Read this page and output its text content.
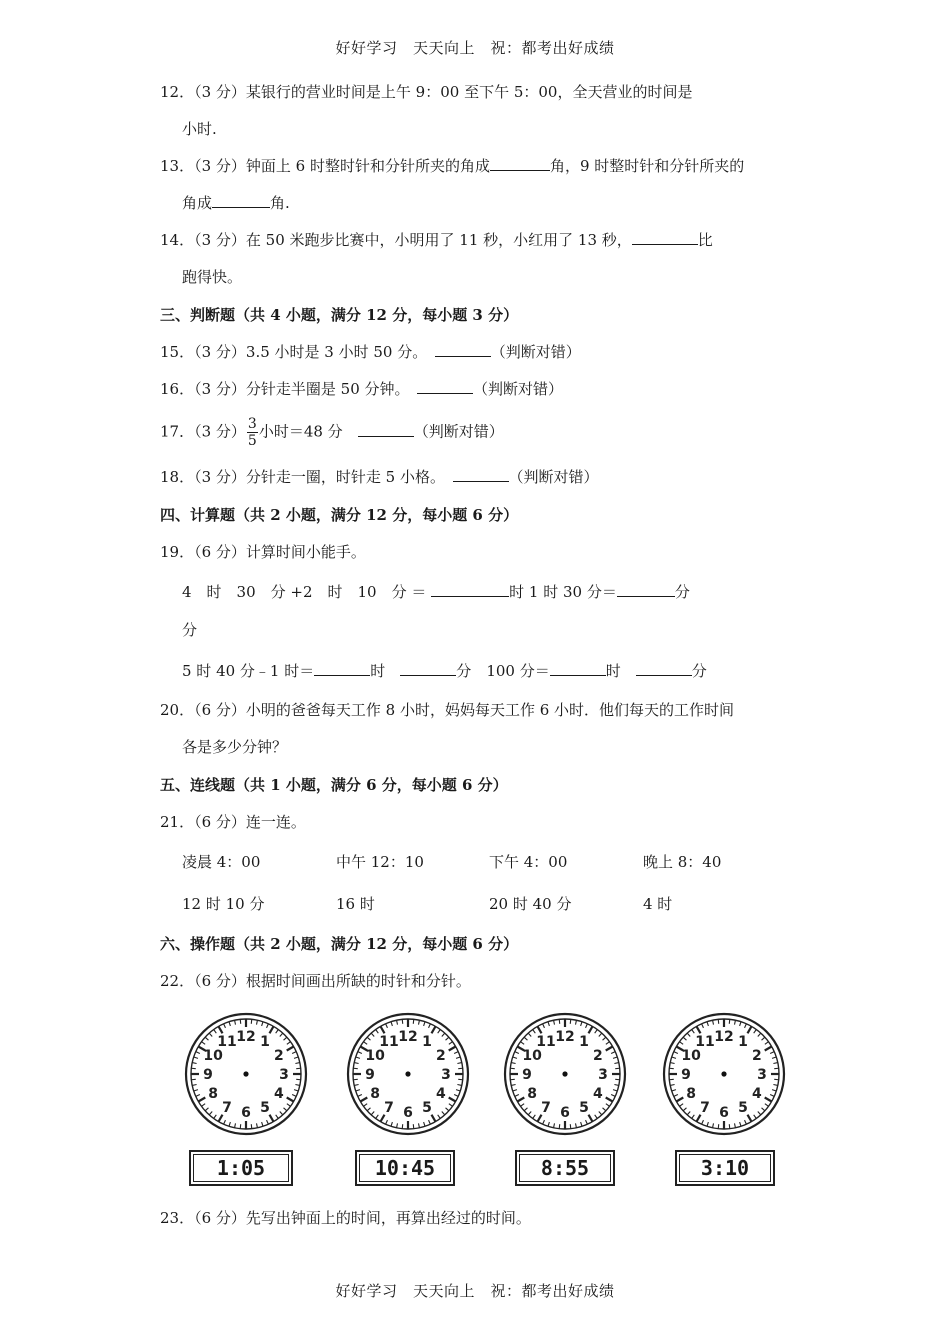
好好学习　天天向上　祝：都考出好成绩
12．（3 分）某银行的营业时间是上午 9：00 至下午 5：00，全天营业的时间是
小时.
13．（3 分）钟面上 6 时整时针和分针所夹的角成	角，9 时整时针和分针所夹的
角成	角.
14．（3 分）在 50 米跑步比赛中，小明用了 11 秒，小红用了 13 秒，	比
跑得快。
三、判断题（共 4 小题，满分 12 分，每小题 3 分）
15．（3 分）3.5 小时是 3 小时 50 分。　	（判断对错）
16．（3 分）分针走半圈是 50 分钟。　	（判断对错）
17．（3 分） $\frac{3}{5}$ 小时＝48 分　	（判断对错）
18．（3 分）分针走一圈，时针走 5 小格。　	（判断对错）
四、计算题（共 2 小题，满分 12 分，每小题 6 分）
19．（6 分）计算时间小能手。
4　时　30　分 +2　时　10　分 ＝	时 1 时 30 分＝	分
分
5 时 40 分﹣1 时＝	时　	分　 100 分＝	时　	分
20．（6 分）小明的爸爸每天工作 8 小时，妈妈每天工作 6 小时．他们每天的工作时间
各是多少分钟？
五、连线题（共 1 小题，满分 6 分，每小题 6 分）
21．（6 分）连一连。
凌晨 4：00	中午 12：10	下午 4：00	晚上 8：40
12 时 10 分	16 时	20 时 40 分	4 时
六、操作题（共 2 小题，满分 12 分，每小题 6 分）
22．（6 分）根据时间画出所缺的时针和分针。
12 1
2
3
4
5
6
7
8
9
10
11	12 1
2
3
4
5
6
7
8
9
10
11	12 1
2
3
4
5
6
7
8
9
10
11	12 1
2
3
4
5
6
7
8
9
10
11
1:05	10:45	8:55	3:10
23．（6 分）先写出钟面上的时间，再算出经过的时间。
好好学习　天天向上　祝：都考出好成绩
